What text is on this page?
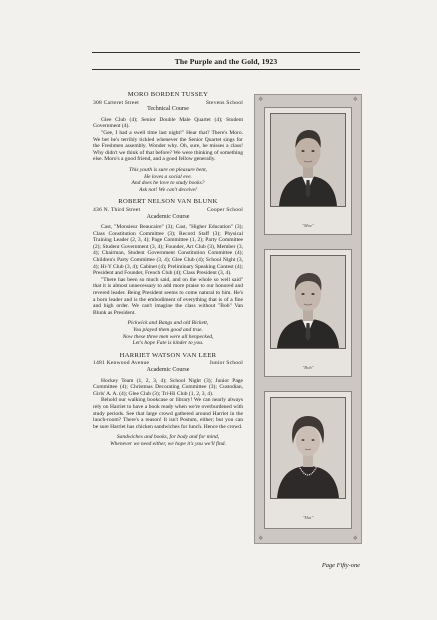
The Purple and the Gold, 1923
MORO BORDEN TUSSEY
308 Carteret Street	Stevens School
Technical Course

Glee Club (4); Senior Double Male Quartet (4); Student Government (4).

"Gee, I had a swell time last night!" Hear that? There's Moro. We bet he's terribly tickled whenever the Senior Quartet sings for the Freshmen assembly. Wonder why. Oh, sure, he misses a class! Why didn't we think of that before? We were thinking of something else. Moro's a good friend, and a good fellow generally.

This youth is sure on pleasure bent,
He loves a social eve.
And does he love to study books?
Ask not! We can't deceive!
ROBERT NELSON VAN BLUNK
436 N. Third Street	Cooper School
Academic Course

Cast, "Monsieur Beaucaire" (3); Cast, "Higher Education" (3); Class Constitution Committee (3); Record Staff (3); Physical Training Leader (2, 3, 4); Page Committee (1, 2); Party Committee (2); Student Government (3, 4); Founder, Art Club (3), Member (3, 4); Chairman, Student Government Constitution Committee (4); Children's Party Committee (3, 4); Glee Club (4); School Night (3, 4); Hi-Y Club (3, 4); Cabinet (4); Preliminary Speaking Contest (4); President and Founder, French Club (4); Class President (3, 4).

"There has been so much said, and on the whole so well said" that it is almost unnecessary to add more praise to our honored and revered leader. Being President seems to come natural to him. He's a born leader and is the embodiment of everything that is of a fine and high order. We can't imagine the class without "Bob" Van Blunk as President.

Pickwick and Bangs and old Bickett,
You played them good and true.
Now these three men were all henpecked,
Let's hope Fate is kinder to you.
HARRIET WATSON VAN LEER
1481 Kenwood Avenue	Junior School
Academic Course

Hockey Team (1, 2, 3, 4); School Night (3); Junior Page Committee (4); Christmas Decorating Committee (3); Custodian, Girls' A. A. (4); Glee Club (3); Tri-Hi Club (1, 2, 3, 4).

Behold our walking bookcase or library! We can nearly always rely on Harriet to have a book ready when we're overburdened with study periods. See that large crowd gathered around Harriet in the lunch-room? There's a reason! It isn't Postum, either; but you can be sure Harriet has chicken sandwiches for lunch. Hence the crowd.

Sandwiches and books, for body and for mind,
Whenever we need either, we hope it's you we'll find.
❖	❖
❖	❖
"Moe"
"Bob"
"Hat"
Page Fifty-one
